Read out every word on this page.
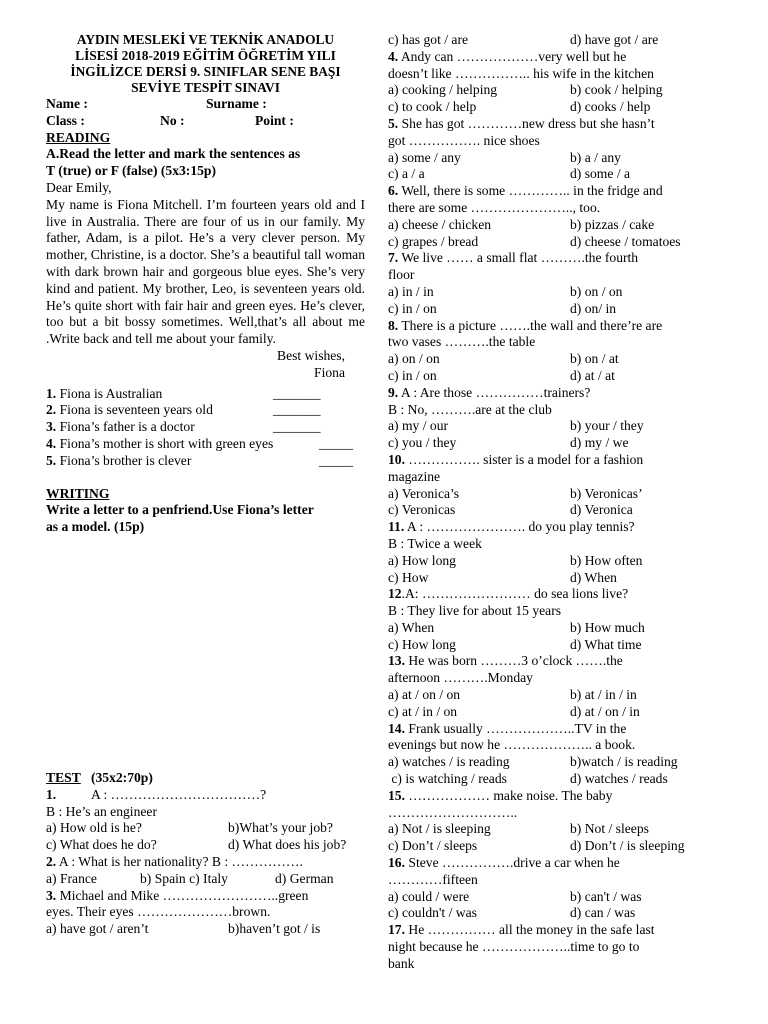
AYDIN MESLEKİ VE TEKNİK ANADOLU
LİSESİ 2018-2019 EĞİTİM ÖĞRETİM YILI
İNGİLİZCE DERSİ 9. SINIFLAR SENE BAŞI
SEVİYE TESPİT SINAVI
Name :	Surname :
Class :	No :	Point :
READING
A.Read the letter and mark the sentences as
T (true) or F (false) (5x3:15p)
Dear Emily,
My name is Fiona Mitchell. I’m fourteen years old and I live in Australia. There are four of us in our family. My father, Adam, is a pilot. He’s a very clever person. My mother, Christine, is a doctor. She’s a beautiful tall woman with dark brown hair and gorgeous blue eyes. She’s very kind and patient. My brother, Leo, is seventeen years old. He’s quite short with fair hair and green eyes. He’s clever, too but a bit bossy sometimes. Well,that’s all about me .Write back and tell me about your family.
Best wishes,
Fiona
1. Fiona is Australian	_______
2. Fiona is seventeen years old	_______
3. Fiona’s father is a doctor	_______
4. Fiona’s mother is short with green eyes	_____
5. Fiona’s brother is clever	_____
WRITING
Write a letter to a penfriend.Use Fiona’s letter
as a model. (15p)
TEST (35x2:70p)
1.	A : ……………………………?
B : He’s an engineer
a) How old is he?	b)What’s your job?
c) What does he do?	d) What does his job?
2. A : What is her nationality? B : …………….
a) France	b) Spain c) Italy	d) German
3. Michael and Mike ……………………..green
eyes. Their eyes …………………brown.
a) have got / aren’t	b)haven’t got / is
c) has got / are	d) have got / are
4. Andy can ………………very well but he
doesn’t like …………….. his wife in the kitchen
a) cooking / helping	b) cook / helping
c) to cook / help	d) cooks / help
5. She has got …………new dress but she hasn’t
got ……………. nice shoes
a) some / any	b) a / any
c) a / a	d) some / a
6. Well, there is some ………….. in the fridge and
there are some ………………….., too.
a) cheese / chicken	b) pizzas / cake
c) grapes / bread	d) cheese / tomatoes
7. We live …… a small flat ……….the fourth
floor
a) in / in	b) on / on
c) in / on	d) on/ in
8. There is a picture …….the wall and there’re are
two vases ……….the table
a) on / on	b) on / at
c) in / on	d) at / at
9. A : Are those ……………trainers?
B : No, ……….are at the club
a) my / our	b) your / they
c) you / they	d) my / we
10. ……………. sister is a model for a fashion
magazine
a) Veronica’s	b) Veronicas’
c) Veronicas	d) Veronica
11. A : …………………. do you play tennis?
B : Twice a week
a) How long	b) How often
c) How	d) When
12.A: …………………… do sea lions live?
B : They live for about 15 years
a) When	b) How much
c) How long	d) What time
13. He was born ………3 o’clock …….the
afternoon ……….Monday
a) at / on / on	b) at / in / in
c) at / in / on	d) at / on / in
14. Frank usually ………………..TV in the
evenings but now he ……………….. a book.
a) watches / is reading	b)watch / is reading
c) is watching / reads	d) watches / reads
15. ……………… make noise. The baby
………………………..
a) Not / is sleeping	b) Not / sleeps
c) Don’t / sleeps	d) Don’t / is sleeping
16. Steve …………….drive a car when he
…………fifteen
a) could / were	b) can't / was
c) couldn't / was	d) can / was
17. He …………… all the money in the safe last
night because he ………………..time to go to
bank
